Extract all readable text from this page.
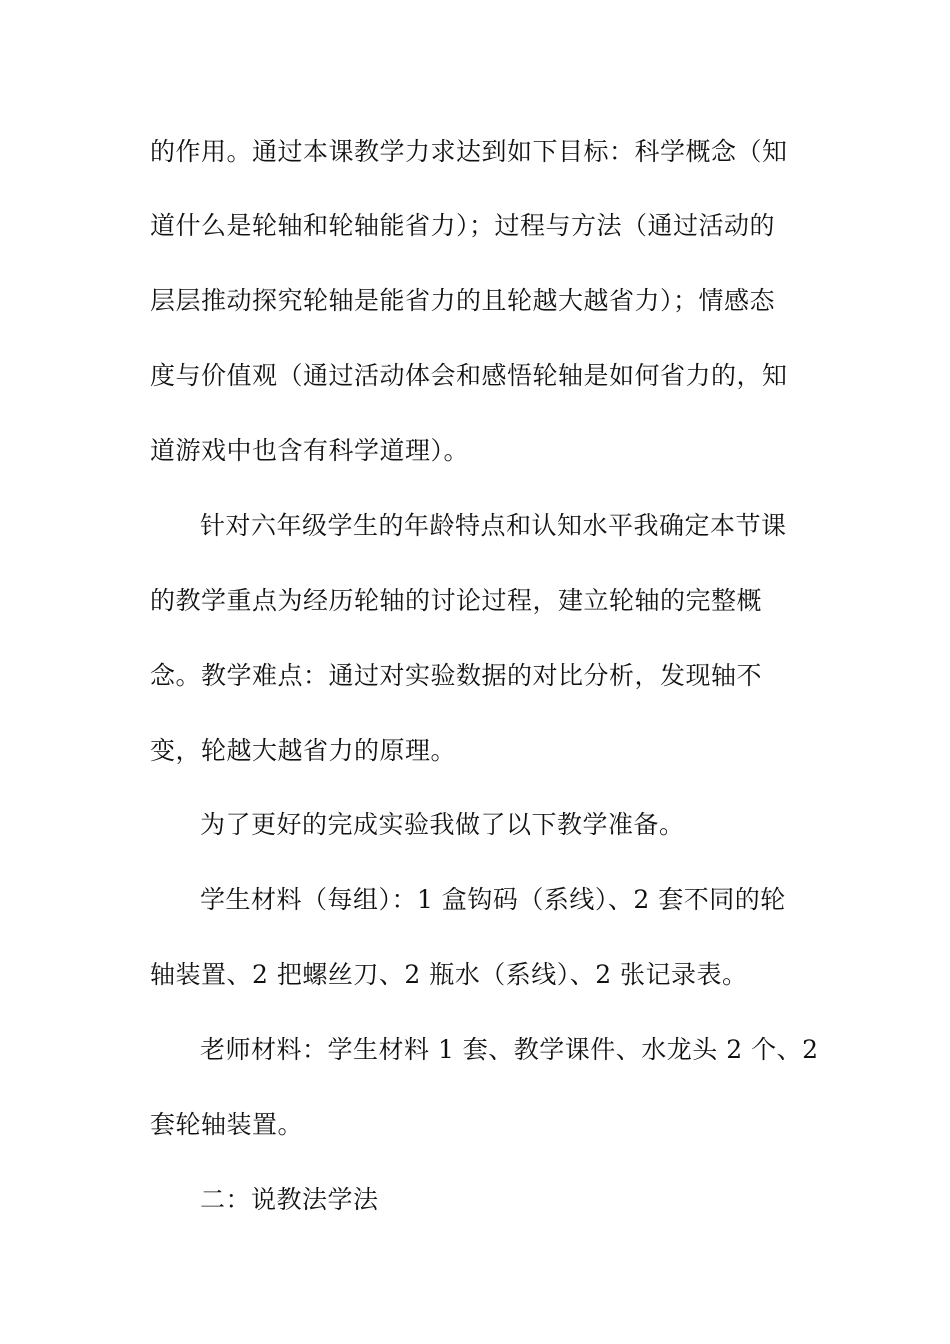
的作用。通过本课教学力求达到如下目标：科学概念（知
道什么是轮轴和轮轴能省力）；过程与方法（通过活动的
层层推动探究轮轴是能省力的且轮越大越省力）；情感态
度与价值观（通过活动体会和感悟轮轴是如何省力的，知
道游戏中也含有科学道理）。
针对六年级学生的年龄特点和认知水平我确定本节课
的教学重点为经历轮轴的讨论过程，建立轮轴的完整概
念。教学难点：通过对实验数据的对比分析，发现轴不
变，轮越大越省力的原理。
为了更好的完成实验我做了以下教学准备。
学生材料（每组）：1 盒钩码（系线）、2 套不同的轮
轴装置、2 把螺丝刀、2 瓶水（系线）、2 张记录表。
老师材料：学生材料 1 套、教学课件、水龙头 2 个、2
套轮轴装置。
二：说教法学法
